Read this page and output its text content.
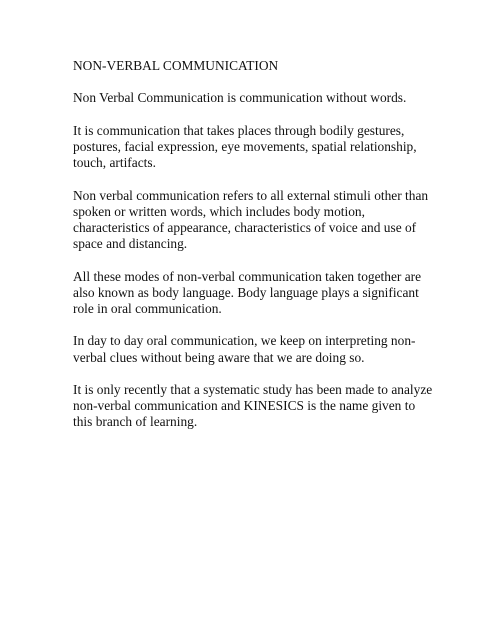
NON-VERBAL COMMUNICATION
Non Verbal Communication is communication without words.
It is communication that takes places through bodily gestures,
postures, facial expression, eye movements, spatial relationship,
touch, artifacts.
Non verbal communication refers to all external stimuli other than
spoken or written words, which includes body motion,
characteristics of appearance, characteristics of voice and use of
space and distancing.
All these modes of non-verbal communication taken together are
also known as body language. Body language plays a significant
role in oral communication.
In day to day oral communication, we keep on interpreting non-
verbal clues without being aware that we are doing so.
It is only recently that a systematic study has been made to analyze
non-verbal communication and KINESICS is the name given to
this branch of learning.
